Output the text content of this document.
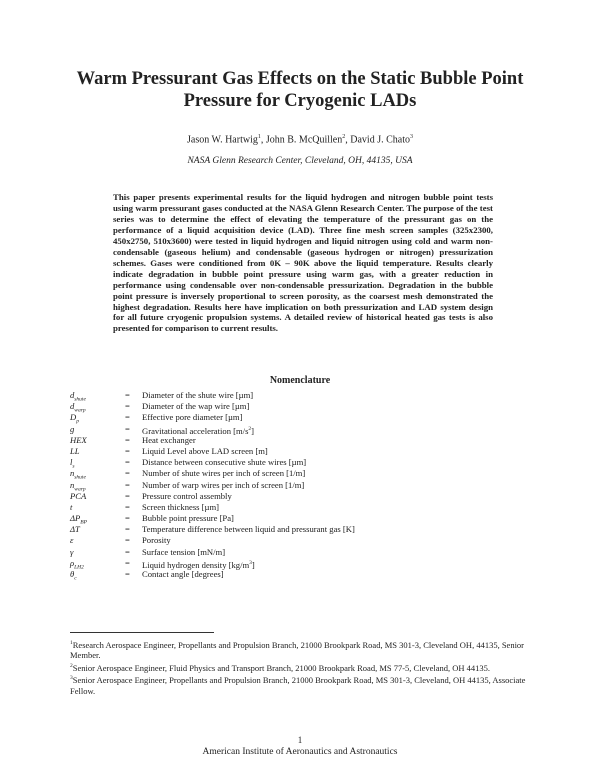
Warm Pressurant Gas Effects on the Static Bubble Point
Pressure for Cryogenic LADs
Jason W. Hartwig$^1$, John B. McQuillen$^2$, David J. Chato$^3$
NASA Glenn Research Center, Cleveland, OH, 44135, USA
This paper presents experimental results for the liquid hydrogen and nitrogen bubble point tests using warm pressurant gases conducted at the NASA Glenn Research Center. The purpose of the test series was to determine the effect of elevating the temperature of the pressurant gas on the performance of a liquid acquisition device (LAD). Three fine mesh screen samples (325x2300, 450x2750, 510x3600) were tested in liquid hydrogen and liquid nitrogen using cold and warm non-condensable (gaseous helium) and condensable (gaseous hydrogen or nitrogen) pressurization schemes. Gases were conditioned from 0K – 90K above the liquid temperature. Results clearly indicate degradation in bubble point pressure using warm gas, with a greater reduction in performance using condensable over non-condensable pressurization. Degradation in the bubble point pressure is inversely proportional to screen porosity, as the coarsest mesh demonstrated the highest degradation. Results here have implication on both pressurization and LAD system design for all future cryogenic propulsion systems. A detailed review of historical heated gas tests is also presented for comparison to current results.
Nomenclature
$d_{shute}$	=	Diameter of the shute wire [µm]
$d_{warp}$	=	Diameter of the wap wire [µm]
$D_p$	=	Effective pore diameter [µm]
g	=	Gravitational acceleration $[m/s^2]$
HEX	=	Heat exchanger
LL	=	Liquid Level above LAD screen [m]
$l_s$	=	Distance between consecutive shute wires [µm]
$n_{shute}$	=	Number of shute wires per inch of screen [1/m]
$n_{warp}$	=	Number of warp wires per inch of screen [1/m]
PCA	=	Pressure control assembly
t	=	Screen thickness [µm]
$\Delta P_{BP}$	=	Bubble point pressure [Pa]
ΔT	=	Temperature difference between liquid and pressurant gas [K]
ε	=	Porosity
γ	=	Surface tension [mN/m]
$\rho_{LH2}$	=	Liquid hydrogen density $[kg/m^3]$
$\theta_c$	=	Contact angle [degrees]

$^1$Research Aerospace Engineer, Propellants and Propulsion Branch, 21000 Brookpark Road, MS 301-3, Cleveland OH, 44135, Senior Member.

$^2$Senior Aerospace Engineer, Fluid Physics and Transport Branch, 21000 Brookpark Road, MS 77-5, Cleveland, OH 44135.

$^3$Senior Aerospace Engineer, Propellants and Propulsion Branch, 21000 Brookpark Road, MS 301-3, Cleveland, OH 44135, Associate Fellow.

1
American Institute of Aeronautics and Astronautics
